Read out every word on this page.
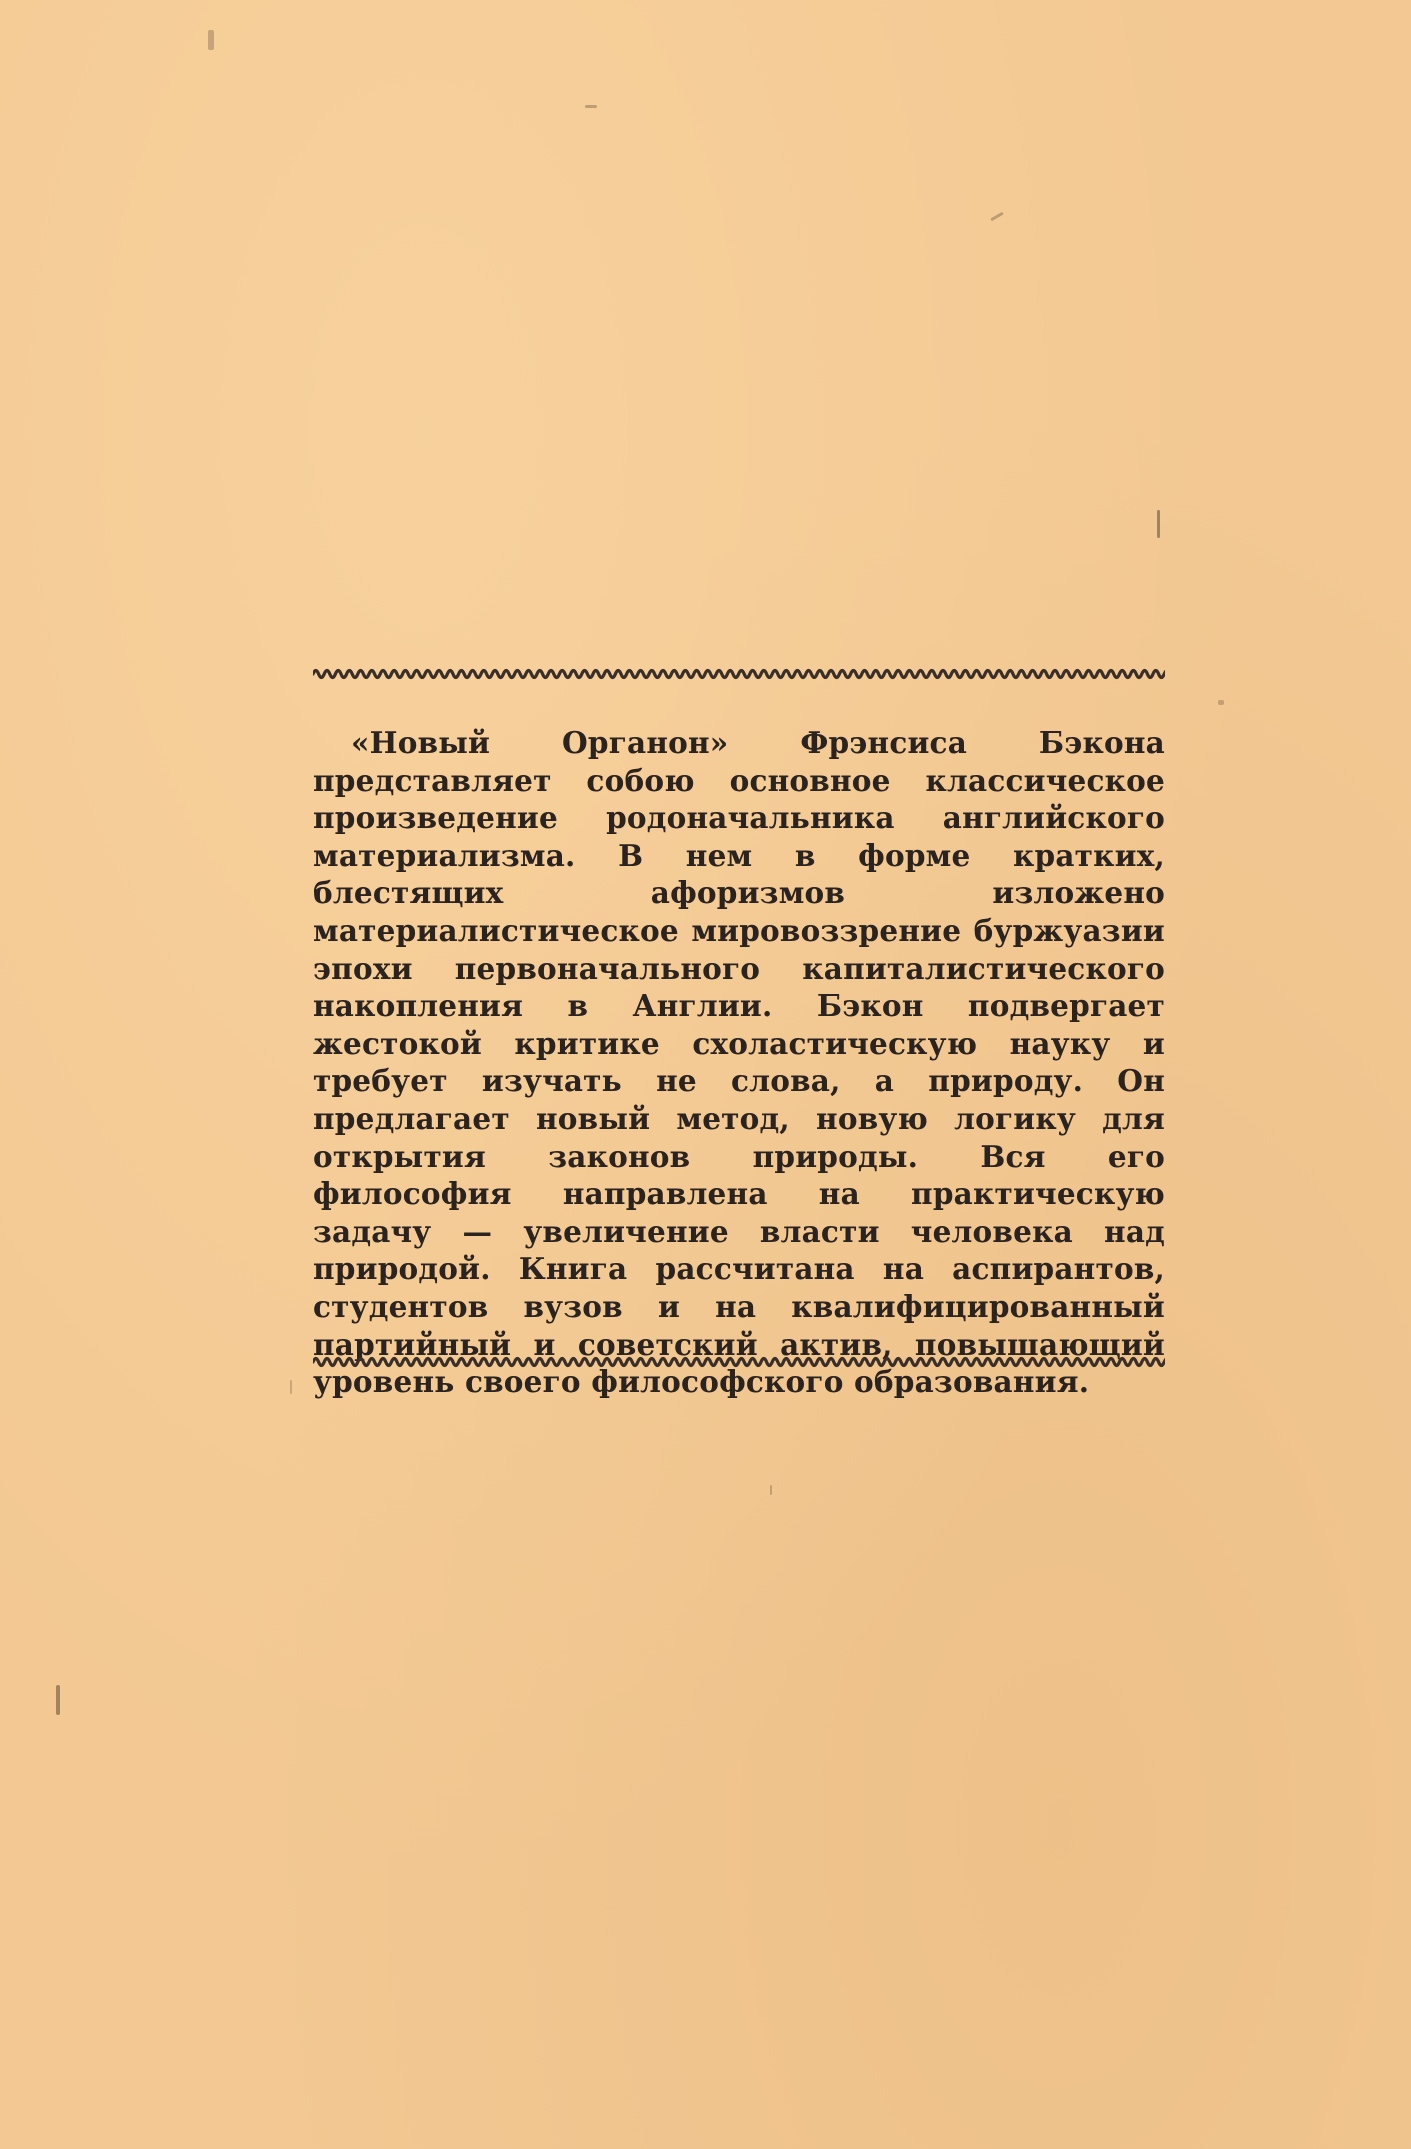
«Новый Органон» Фрэнсиса Бэкона представляет собою основное классическое произведение родоначальника английского материализма. В нем в форме кратких, блестящих афоризмов изложено материалистическое мировоззрение буржуазии эпохи первоначального капиталистического накопления в Англии. Бэкон подвергает жестокой критике схоластическую науку и требует изучать не слова, а природу. Он предлагает новый метод, новую логику для открытия законов природы. Вся его философия направлена на практическую задачу — увеличение власти человека над природой. Книга рассчитана на аспирантов, студентов вузов и на квалифицированный партийный и советский актив, повышающий уровень своего философского образования.
